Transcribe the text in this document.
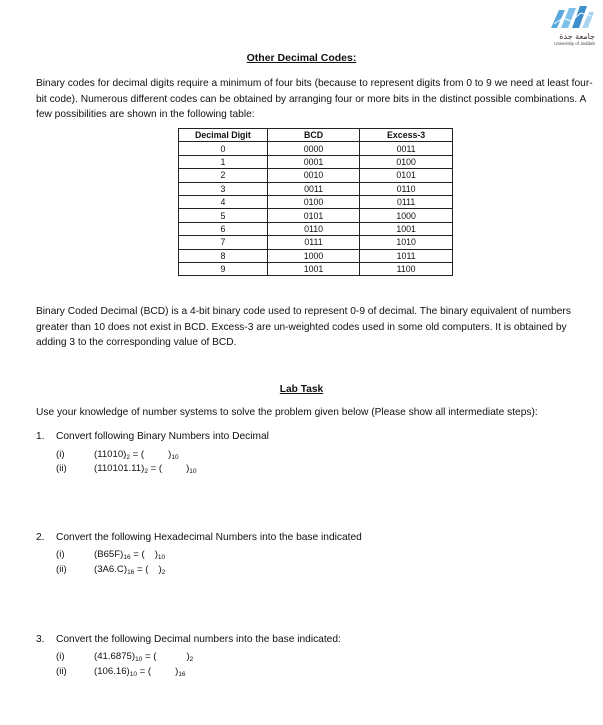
جامعة جدة
University of Jeddah
Other Decimal Codes:
Binary codes for decimal digits require a minimum of four bits (because to represent digits from 0 to 9 we need at least four-bit code). Numerous different codes can be obtained by arranging four or more bits in the distinct possible combinations. A few possibilities are shown in the following table:
Decimal Digit	BCD	Excess-3
0	0000	0011
1	0001	0100
2	0010	0101
3	0011	0110
4	0100	0111
5	0101	1000
6	0110	1001
7	0111	1010
8	1000	1011
9	1001	1100
Binary Coded Decimal (BCD) is a 4-bit binary code used to represent 0-9 of decimal. The binary equivalent of numbers greater than 10 does not exist in BCD. Excess-3 are un-weighted codes used in some old computers. It is obtained by adding 3 to the corresponding value of BCD.
Lab Task
Use your knowledge of number systems to solve the problem given below (Please show all intermediate steps):
1. Convert following Binary Numbers into Decimal
(i)	$(11010)_2$ = (	)$_{10}$
(ii)	$(110101.11)_2$ = (	)$_{10}$
2. Convert the following Hexadecimal Numbers into the base indicated
(i)	$(B65F)_{16}$ = ( )$_{10}$
(ii)	$(3A6.C)_{16}$ = ( )$_2$
3. Convert the following Decimal numbers into the base indicated:
(i)	$(41.6875)_{10}$ = (	)$_2$
(ii)	$(106.16)_{10}$ = (	)$_{16}$
